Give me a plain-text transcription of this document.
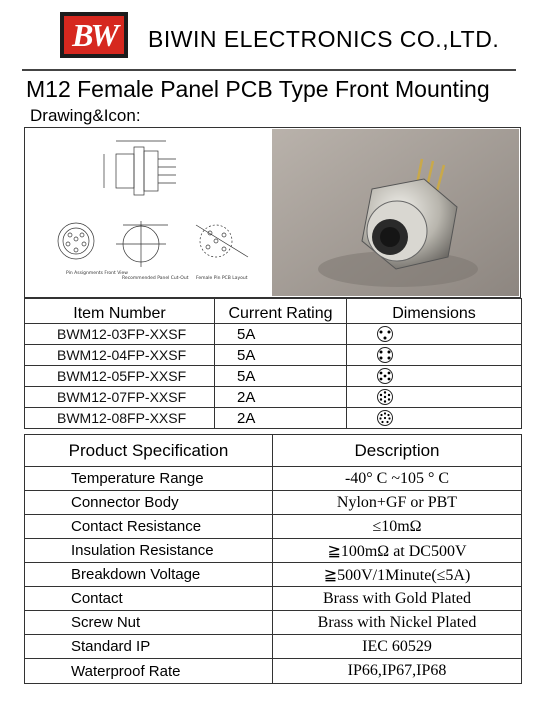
BW	BIWIN ELECTRONICS CO.,LTD.
M12 Female Panel PCB Type Front Mounting
Drawing&Icon:
Pin Assignments Front View
Recommended Panel Cut-Out Female Pin PCB Layout
Item Number	Current Rating	Dimensions
BWM12-03FP-XXSF	5A	
BWM12-04FP-XXSF	5A	
BWM12-05FP-XXSF	5A	
BWM12-07FP-XXSF	2A	
BWM12-08FP-XXSF	2A	
Product Specification	Description
Temperature Range	-40° C ~105 ° C
Connector Body	Nylon+GF or PBT
Contact Resistance	≤10mΩ
Insulation Resistance	≧100mΩ at DC500V
Breakdown Voltage	≧500V/1Minute(≤5A)
Contact	Brass with Gold Plated
Screw Nut	Brass with Nickel Plated
Standard IP	IEC 60529
Waterproof Rate	IP66,IP67,IP68
